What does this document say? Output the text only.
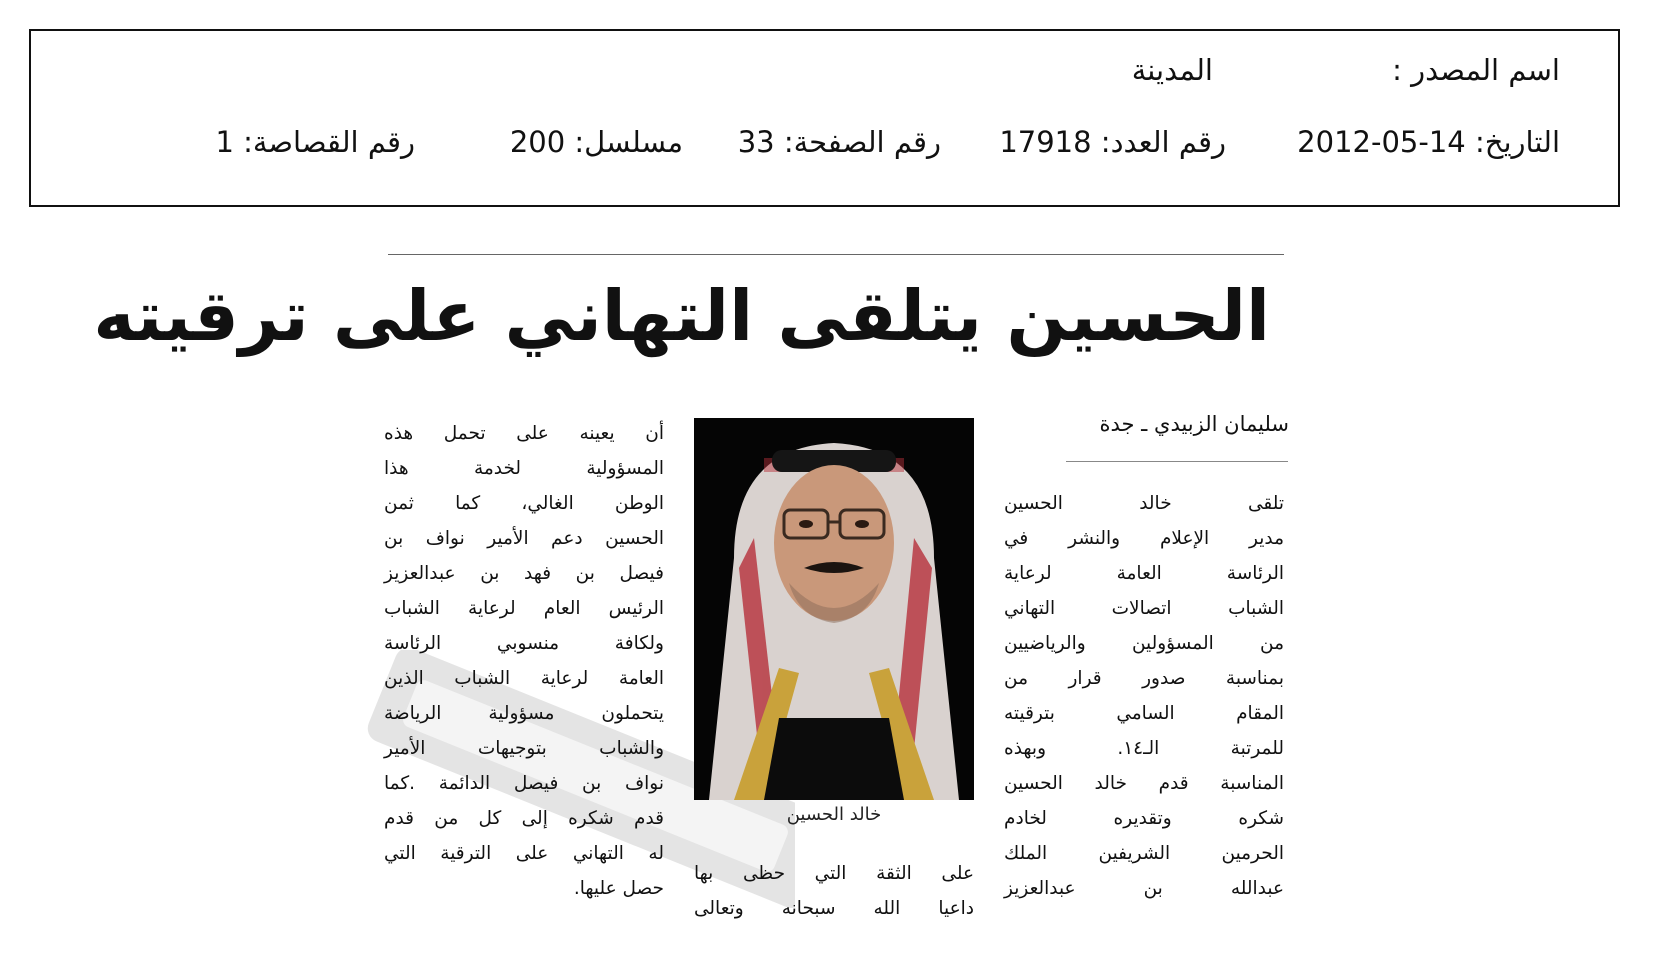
اسم المصدر :
المدينة
التاريخ: 14-05-2012
رقم العدد: 17918
رقم الصفحة: 33
مسلسل: 200
رقم القصاصة: 1
الحسين يتلقى التهاني على ترقيته
سليمان الزبيدي ـ جدة
تلقى خالد الحسين
مدير الإعلام والنشر في
الرئاسة العامة لرعاية
الشباب اتصالات التهاني
من المسؤولين والرياضيين
بمناسبة صدور قرار من
المقام السامي بترقيته
للمرتبة الـ١٤. وبهذه
المناسبة قدم خالد الحسين
شكره وتقديره لخادم
الحرمين الشريفين الملك
عبدالله بن عبدالعزيز
خالد الحسين
على الثقة التي حظى بها
داعيا الله سبحانه وتعالى
أن يعينه على تحمل هذه
المسؤولية لخدمة هذا
الوطن الغالي، كما ثمن
الحسين دعم الأمير نواف بن
فيصل بن فهد بن عبدالعزيز
الرئيس العام لرعاية الشباب
ولكافة منسوبي الرئاسة
العامة لرعاية الشباب الذين
يتحملون مسؤولية الرياضة
والشباب بتوجيهات الأمير
نواف بن فيصل الدائمة .كما
قدم شكره إلى كل من قدم
له التهاني على الترقية التي
حصل عليها.
